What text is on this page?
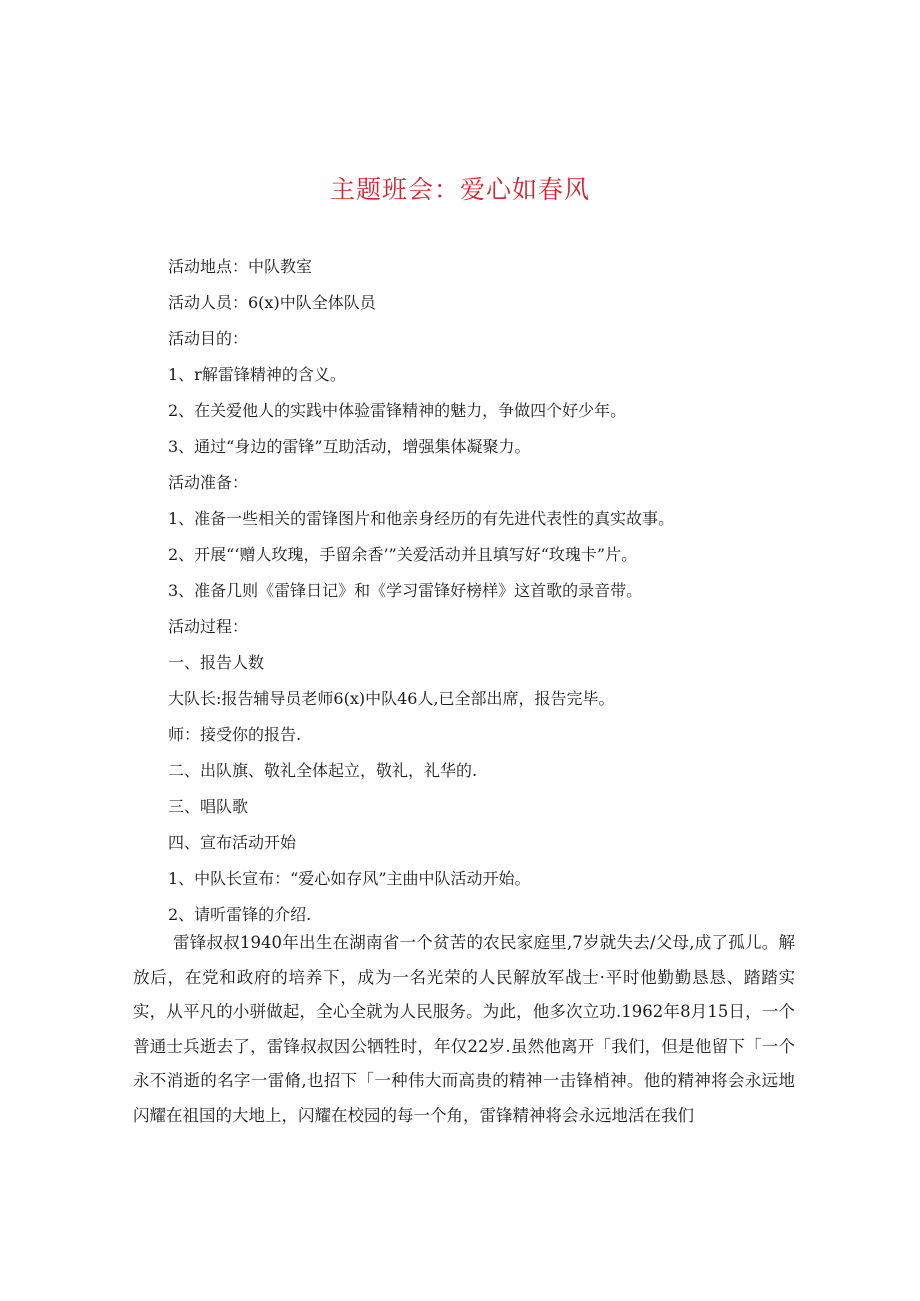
主题班会：爱心如春风
活动地点：中队教室
活动人员：6(x)中队全体队员
活动目的：
1、r解雷锋精神的含义。
2、在关爱他人的实践中体验雷锋精神的魅力，争做四个好少年。
3、通过“身边的雷锋”互助活动，增强集体凝聚力。
活动准备：
1、准备一些相关的雷锋图片和他亲身经历的有先进代表性的真实故事。
2、开展“‘赠人玫瑰，手留余香’”关爱活动并且填写好“玫瑰卡”片。
3、准备几则《雷锋日记》和《学习雷锋好榜样》这首歌的录音带。
活动过程：
一、报告人数
大队长:报告辅导员老师6(x)中队46人,已全部出席，报告完毕。
师：接受你的报告.
二、出队旗、敬礼全体起立，敬礼，礼华的.
三、唱队歌
四、宣布活动开始
1、中队长宣布：“爱心如存风”主曲中队活动开始。
2、请听雷锋的介绍.

雷锋叔叔1940年出生在湖南省一个贫苦的农民家庭里,7岁就失去/父母,成了孤儿。解放后，在党和政府的培养下，成为一名光荣的人民解放军战士·平时他勤勤恳恳、踏踏实实，从平凡的小骈做起，全心全就为人民服务。为此，他多次立功.1962年8月15日，一个普通士兵逝去了，雷锋叔叔因公牺牲时，年仅22岁.虽然他离开「我们，但是他留下「一个永不消逝的名字一雷脩,也招下「一种伟大而高贵的精神一击锋梢神。他的精神将会永远地闪耀在祖国的大地上，闪耀在校园的每一个角，雷锋精神将会永远地活在我们
